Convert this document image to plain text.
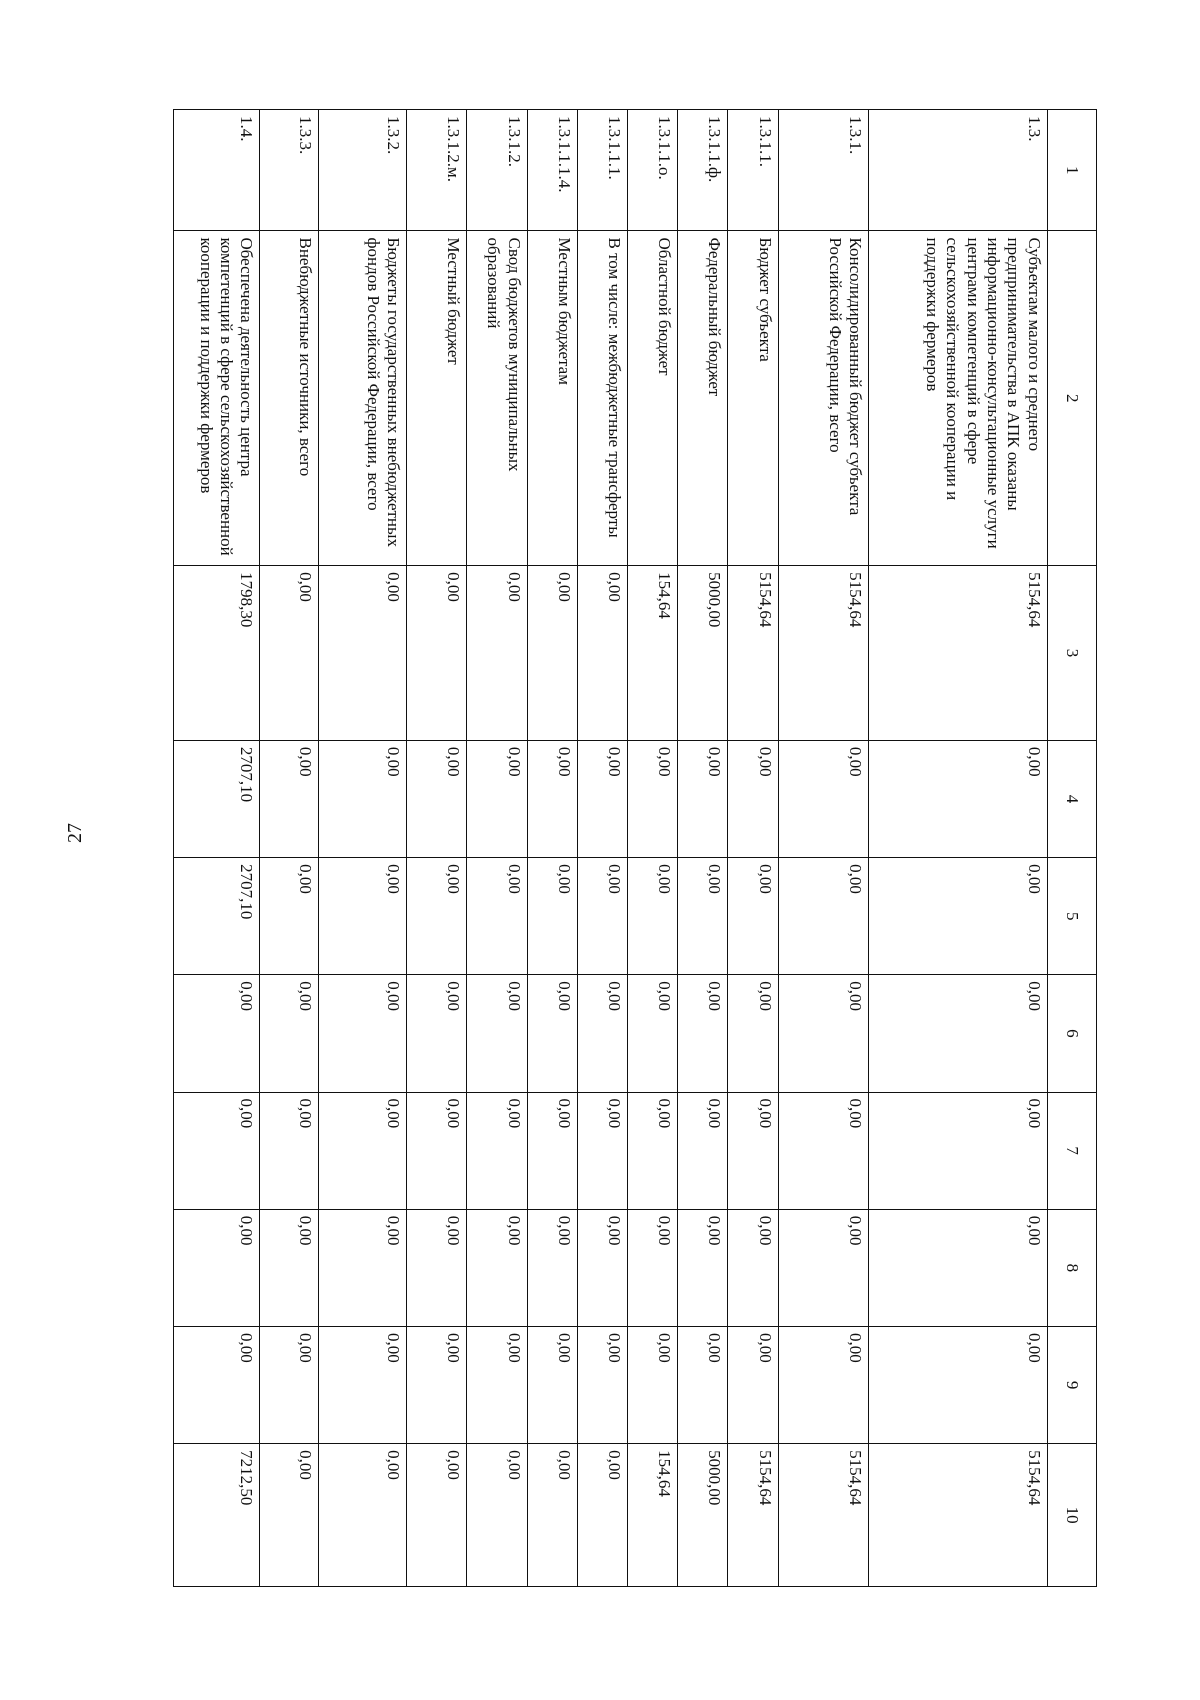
27
1	2	3	4	5	6	7	8	9	10
1.3.	Субъектам малого и среднего предпринимательства в АПК оказаны информационно-консультационные услуги центрами компетенций в сфере сельскохозяйственной кооперации и поддержки фермеров	5154,64	0,00	0,00	0,00	0,00	0,00	0,00	5154,64
1.3.1.	Консолидированный бюджет субъекта Российской Федерации, всего	5154,64	0,00	0,00	0,00	0,00	0,00	0,00	5154,64
1.3.1.1.	Бюджет субъекта	5154,64	0,00	0,00	0,00	0,00	0,00	0,00	5154,64
1.3.1.1.ф.	Федеральный бюджет	5000,00	0,00	0,00	0,00	0,00	0,00	0,00	5000,00
1.3.1.1.о.	Областной бюджет	154,64	0,00	0,00	0,00	0,00	0,00	0,00	154,64
1.3.1.1.1.	В том числе: межбюджетные трансферты	0,00	0,00	0,00	0,00	0,00	0,00	0,00	0,00
1.3.1.1.1.4.	Местным бюджетам	0,00	0,00	0,00	0,00	0,00	0,00	0,00	0,00
1.3.1.2.	Свод бюджетов муниципальных образований	0,00	0,00	0,00	0,00	0,00	0,00	0,00	0,00
1.3.1.2.м.	Местный бюджет	0,00	0,00	0,00	0,00	0,00	0,00	0,00	0,00
1.3.2.	Бюджеты государственных внебюджетных фондов Российской Федерации, всего	0,00	0,00	0,00	0,00	0,00	0,00	0,00	0,00
1.3.3.	Внебюджетные источники, всего	0,00	0,00	0,00	0,00	0,00	0,00	0,00	0,00
1.4.	Обеспечена деятельность центра компетенций в сфере сельскохозяйственной кооперации и поддержки фермеров	1798,30	2707,10	2707,10	0,00	0,00	0,00	0,00	7212,50
